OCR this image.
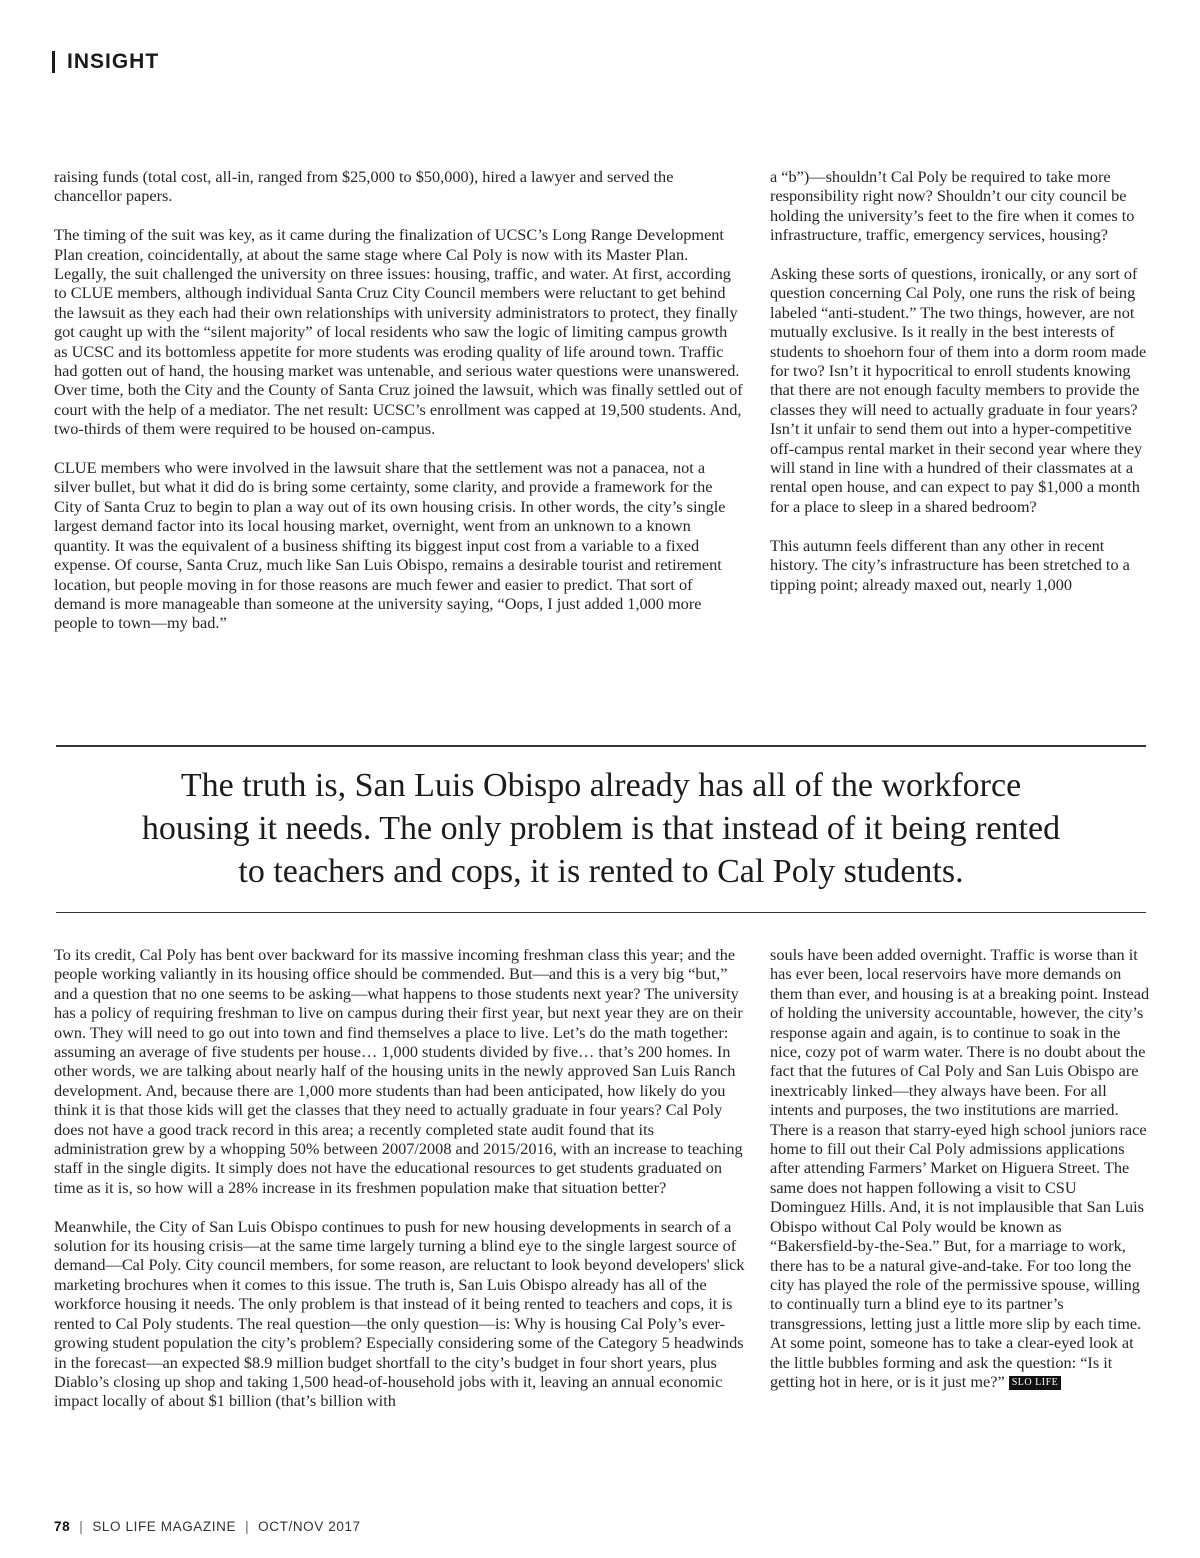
INSIGHT

raising funds (total cost, all-in, ranged from $25,000 to $50,000), hired a lawyer and served the chancellor papers.

The timing of the suit was key, as it came during the finalization of UCSC’s Long Range Development Plan creation, coincidentally, at about the same stage where Cal Poly is now with its Master Plan. Legally, the suit challenged the university on three issues: housing, traffic, and water. At first, according to CLUE members, although individual Santa Cruz City Council members were reluctant to get behind the lawsuit as they each had their own relationships with university administrators to protect, they finally got caught up with the “silent majority” of local residents who saw the logic of limiting campus growth as UCSC and its bottomless appetite for more students was eroding quality of life around town. Traffic had gotten out of hand, the housing market was untenable, and serious water questions were unanswered. Over time, both the City and the County of Santa Cruz joined the lawsuit, which was finally settled out of court with the help of a mediator. The net result: UCSC’s enrollment was capped at 19,500 students. And, two-thirds of them were required to be housed on-campus.

CLUE members who were involved in the lawsuit share that the settlement was not a panacea, not a silver bullet, but what it did do is bring some certainty, some clarity, and provide a framework for the City of Santa Cruz to begin to plan a way out of its own housing crisis. In other words, the city’s single largest demand factor into its local housing market, overnight, went from an unknown to a known quantity. It was the equivalent of a business shifting its biggest input cost from a variable to a fixed expense. Of course, Santa Cruz, much like San Luis Obispo, remains a desirable tourist and retirement location, but people moving in for those reasons are much fewer and easier to predict. That sort of demand is more manageable than someone at the university saying, “Oops, I just added 1,000 more people to town—my bad.”

a “b”)—shouldn’t Cal Poly be required to take more responsibility right now? Shouldn’t our city council be holding the university’s feet to the fire when it comes to infrastructure, traffic, emergency services, housing?

Asking these sorts of questions, ironically, or any sort of question concerning Cal Poly, one runs the risk of being labeled “anti-student.” The two things, however, are not mutually exclusive. Is it really in the best interests of students to shoehorn four of them into a dorm room made for two? Isn’t it hypocritical to enroll students knowing that there are not enough faculty members to provide the classes they will need to actually graduate in four years? Isn’t it unfair to send them out into a hyper-competitive off-campus rental market in their second year where they will stand in line with a hundred of their classmates at a rental open house, and can expect to pay $1,000 a month for a place to sleep in a shared bedroom?

This autumn feels different than any other in recent history. The city’s infrastructure has been stretched to a tipping point; already maxed out, nearly 1,000

The truth is, San Luis Obispo already has all of the workforce
housing it needs. The only problem is that instead of it being rented
to teachers and cops, it is rented to Cal Poly students.

To its credit, Cal Poly has bent over backward for its massive incoming freshman class this year; and the people working valiantly in its housing office should be commended. But—and this is a very big “but,” and a question that no one seems to be asking—what happens to those students next year? The university has a policy of requiring freshman to live on campus during their first year, but next year they are on their own. They will need to go out into town and find themselves a place to live. Let’s do the math together: assuming an average of five students per house… 1,000 students divided by five… that’s 200 homes. In other words, we are talking about nearly half of the housing units in the newly approved San Luis Ranch development. And, because there are 1,000 more students than had been anticipated, how likely do you think it is that those kids will get the classes that they need to actually graduate in four years? Cal Poly does not have a good track record in this area; a recently completed state audit found that its administration grew by a whopping 50% between 2007/2008 and 2015/2016, with an increase to teaching staff in the single digits. It simply does not have the educational resources to get students graduated on time as it is, so how will a 28% increase in its freshmen population make that situation better?

Meanwhile, the City of San Luis Obispo continues to push for new housing developments in search of a solution for its housing crisis—at the same time largely turning a blind eye to the single largest source of demand—Cal Poly. City council members, for some reason, are reluctant to look beyond developers' slick marketing brochures when it comes to this issue. The truth is, San Luis Obispo already has all of the workforce housing it needs. The only problem is that instead of it being rented to teachers and cops, it is rented to Cal Poly students. The real question—the only question—is: Why is housing Cal Poly’s ever-growing student population the city’s problem? Especially considering some of the Category 5 headwinds in the forecast—an expected $8.9 million budget shortfall to the city’s budget in four short years, plus Diablo’s closing up shop and taking 1,500 head-of-household jobs with it, leaving an annual economic impact locally of about $1 billion (that’s billion with

souls have been added overnight. Traffic is worse than it has ever been, local reservoirs have more demands on them than ever, and housing is at a breaking point. Instead of holding the university accountable, however, the city’s response again and again, is to continue to soak in the nice, cozy pot of warm water. There is no doubt about the fact that the futures of Cal Poly and San Luis Obispo are inextricably linked—they always have been. For all intents and purposes, the two institutions are married. There is a reason that starry-eyed high school juniors race home to fill out their Cal Poly admissions applications after attending Farmers’ Market on Higuera Street. The same does not happen following a visit to CSU Dominguez Hills. And, it is not implausible that San Luis Obispo without Cal Poly would be known as “Bakersfield-by-the-Sea.” But, for a marriage to work, there has to be a natural give-and-take. For too long the city has played the role of the permissive spouse, willing to continually turn a blind eye to its partner’s transgressions, letting just a little more slip by each time. At some point, someone has to take a clear-eyed look at the little bubbles forming and ask the question: “Is it getting hot in here, or is it just me?” SLO LIFE

78 | SLO LIFE MAGAZINE | OCT/NOV 2017
